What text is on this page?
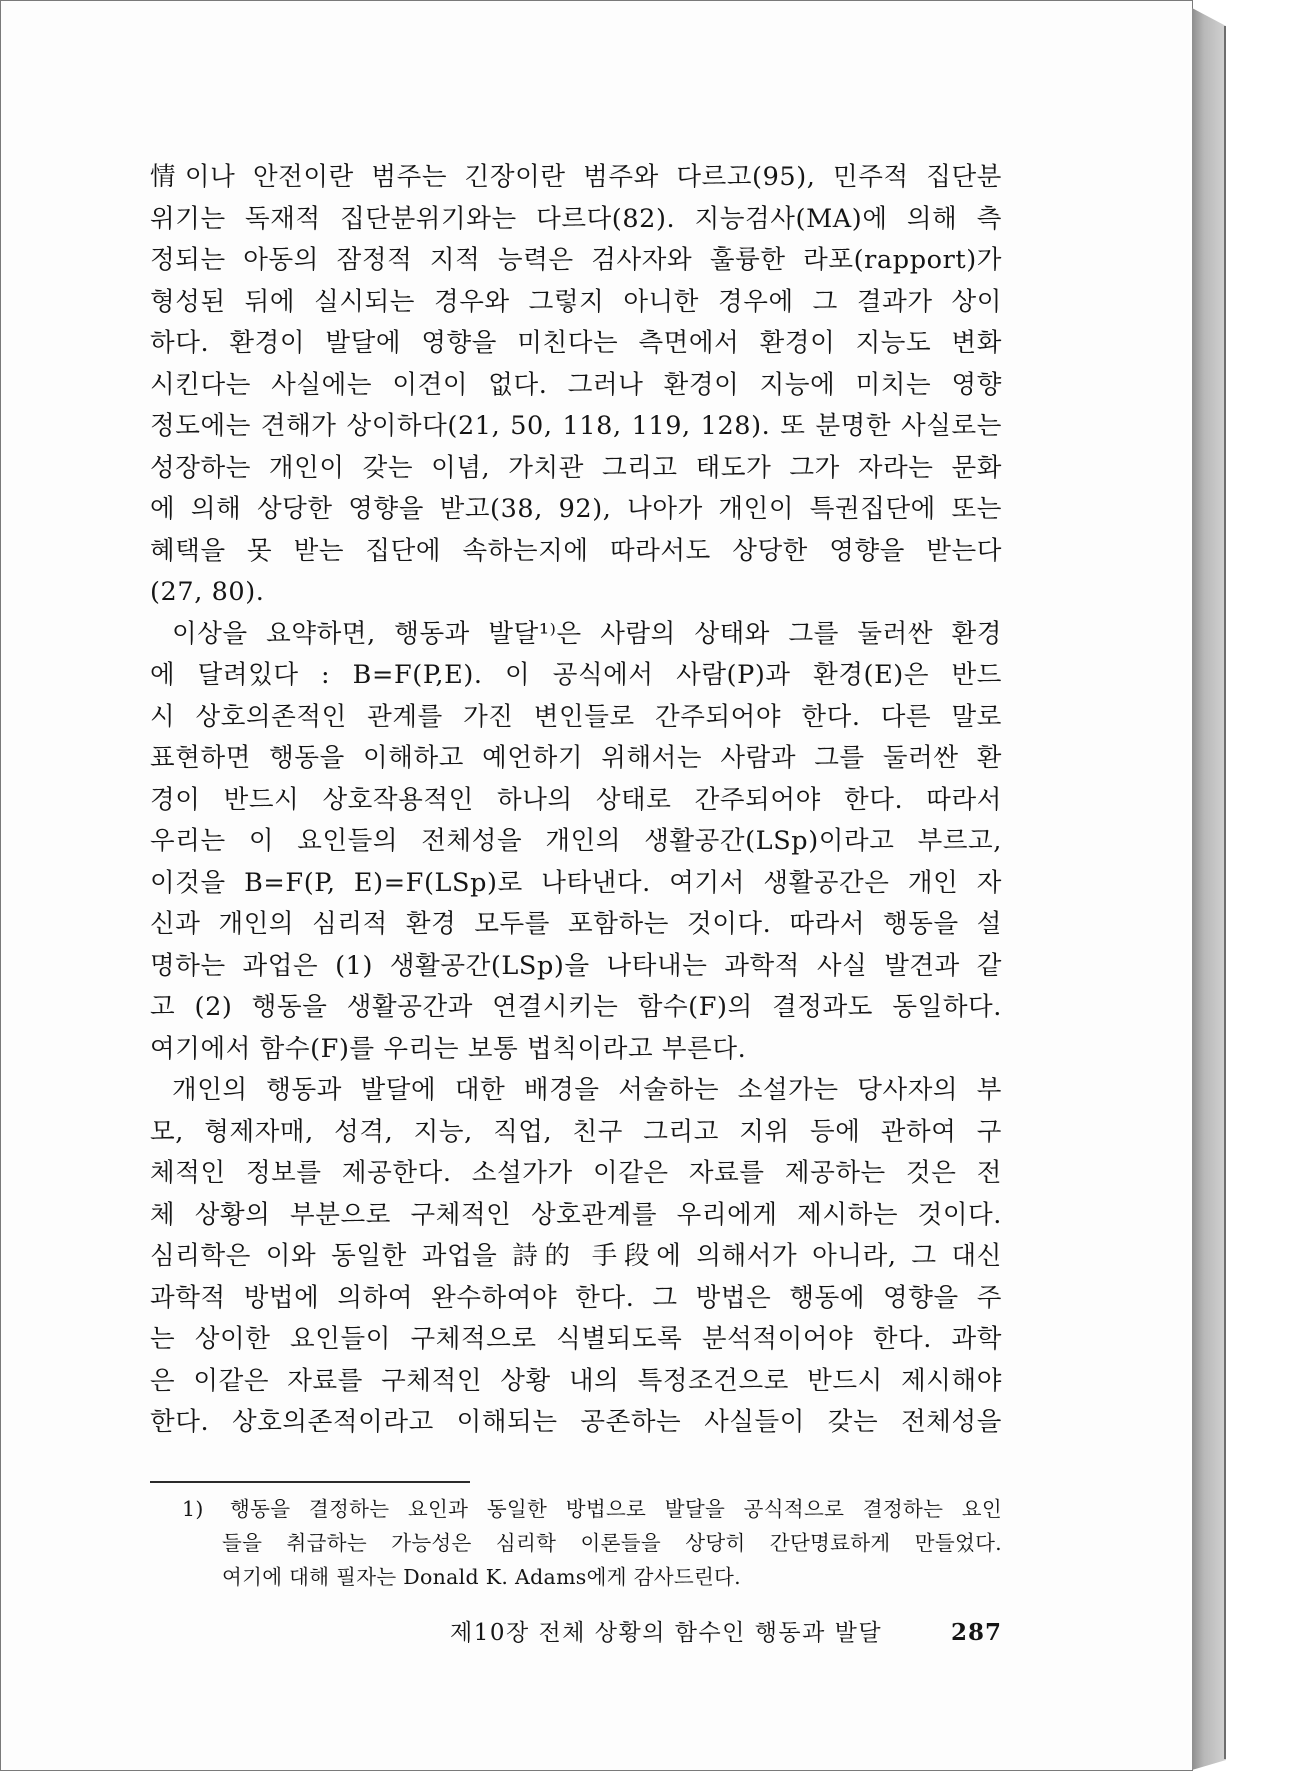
情이나 안전이란 범주는 긴장이란 범주와 다르고(95), 민주적 집단분

위기는 독재적 집단분위기와는 다르다(82). 지능검사(MA)에 의해 측

정되는 아동의 잠정적 지적 능력은 검사자와 훌륭한 라포(rapport)가

형성된 뒤에 실시되는 경우와 그렇지 아니한 경우에 그 결과가 상이

하다. 환경이 발달에 영향을 미친다는 측면에서 환경이 지능도 변화

시킨다는 사실에는 이견이 없다. 그러나 환경이 지능에 미치는 영향

정도에는 견해가 상이하다(21, 50, 118, 119, 128). 또 분명한 사실로는

성장하는 개인이 갖는 이념, 가치관 그리고 태도가 그가 자라는 문화

에 의해 상당한 영향을 받고(38, 92), 나아가 개인이 특권집단에 또는

혜택을 못 받는 집단에 속하는지에 따라서도 상당한 영향을 받는다

(27, 80).

이상을 요약하면, 행동과 발달¹⁾은 사람의 상태와 그를 둘러싼 환경

에 달려있다 : B=F(P,E). 이 공식에서 사람(P)과 환경(E)은 반드

시 상호의존적인 관계를 가진 변인들로 간주되어야 한다. 다른 말로

표현하면 행동을 이해하고 예언하기 위해서는 사람과 그를 둘러싼 환

경이 반드시 상호작용적인 하나의 상태로 간주되어야 한다. 따라서

우리는 이 요인들의 전체성을 개인의 생활공간(LSp)이라고 부르고,

이것을 B=F(P, E)=F(LSp)로 나타낸다. 여기서 생활공간은 개인 자

신과 개인의 심리적 환경 모두를 포함하는 것이다. 따라서 행동을 설

명하는 과업은 (1) 생활공간(LSp)을 나타내는 과학적 사실 발견과 같

고 (2) 행동을 생활공간과 연결시키는 함수(F)의 결정과도 동일하다.

여기에서 함수(F)를 우리는 보통 법칙이라고 부른다.

개인의 행동과 발달에 대한 배경을 서술하는 소설가는 당사자의 부

모, 형제자매, 성격, 지능, 직업, 친구 그리고 지위 등에 관하여 구

체적인 정보를 제공한다. 소설가가 이같은 자료를 제공하는 것은 전

체 상황의 부분으로 구체적인 상호관계를 우리에게 제시하는 것이다.

심리학은 이와 동일한 과업을 詩的 手段에 의해서가 아니라, 그 대신

과학적 방법에 의하여 완수하여야 한다. 그 방법은 행동에 영향을 주

는 상이한 요인들이 구체적으로 식별되도록 분석적이어야 한다. 과학

은 이같은 자료를 구체적인 상황 내의 특정조건으로 반드시 제시해야

한다. 상호의존적이라고 이해되는 공존하는 사실들이 갖는 전체성을

1) 행동을 결정하는 요인과 동일한 방법으로 발달을 공식적으로 결정하는 요인

들을 취급하는 가능성은 심리학 이론들을 상당히 간단명료하게 만들었다.

여기에 대해 필자는 Donald K. Adams에게 감사드린다.

제10장 전체 상황의 함수인 행동과 발달	287
